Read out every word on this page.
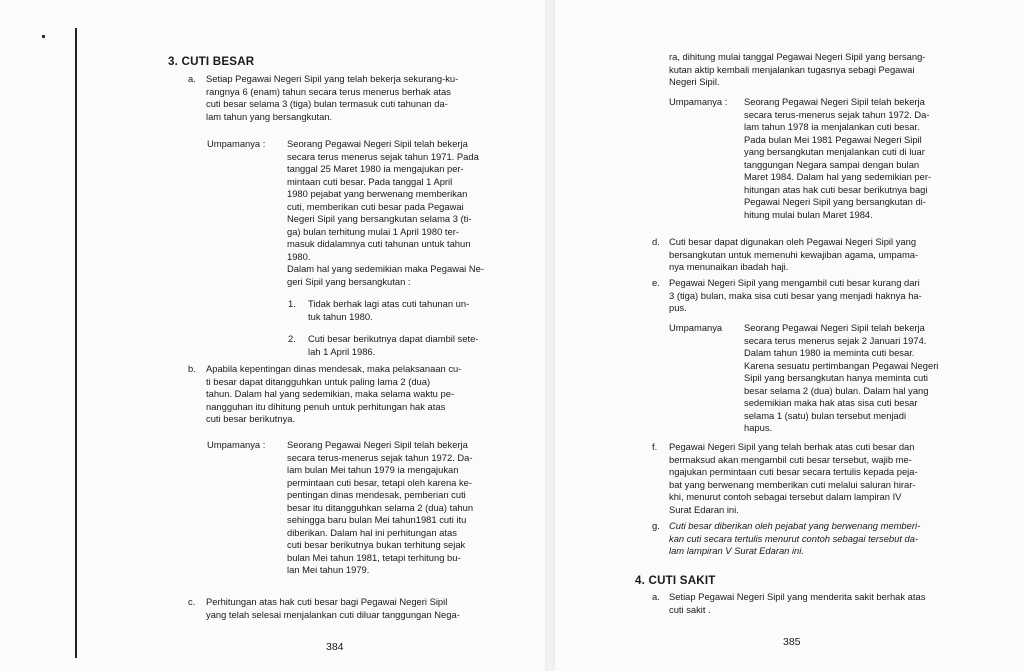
3. CUTI BESAR
a. Setiap Pegawai Negeri Sipil yang telah bekerja sekurang-ku-
rangnya 6 (enam) tahun secara terus menerus berhak atas
cuti besar selama 3 (tiga) bulan termasuk cuti tahunan da-
lam tahun yang bersangkutan.
Umpamanya : Seorang Pegawai Negeri Sipil telah bekerja
secara terus menerus sejak tahun 1971. Pada
tanggal 25 Maret 1980 ia mengajukan per-
mintaan cuti besar. Pada tanggal 1 April
1980 pejabat yang berwenang memberikan
cuti, memberikan cuti besar pada Pegawai
Negeri Sipil yang bersangkutan selama 3 (ti-
ga) bulan terhitung mulai 1 April 1980 ter-
masuk didalamnya cuti tahunan untuk tahun
1980.
Dalam hal yang sedemikian maka Pegawai Ne-
geri Sipil yang bersangkutan :
1. Tidak berhak lagi atas cuti tahunan un-
tuk tahun 1980.
2. Cuti besar berikutnya dapat diambil sete-
lah 1 April 1986.
b. Apabila kepentingan dinas mendesak, maka pelaksanaan cu-
ti besar dapat ditangguhkan untuk paling lama 2 (dua)
tahun. Dalam hal yang sedemikian, maka selama waktu pe-
nangguhan itu dihitung penuh untuk perhitungan hak atas
cuti besar berikutnya.
Umpamanya : Seorang Pegawai Negeri Sipil telah bekerja
secara terus-menerus sejak tahun 1972. Da-
lam bulan Mei tahun 1979 ia mengajukan
permintaan cuti besar, tetapi oleh karena ke-
pentingan dinas mendesak, pemberian cuti
besar itu ditangguhkan selama 2 (dua) tahun
sehingga baru bulan Mei tahun1981 cuti itu
diberikan. Dalam hal ini perhitungan atas
cuti besar berikutnya bukan terhitung sejak
bulan Mei tahun 1981, tetapi terhitung bu-
lan Mei tahun 1979.
c. Perhitungan atas hak cuti besar bagi Pegawai Negeri Sipil
yang telah selesai menjalankan cuti diluar tanggungan Nega-
384
ra, dihitung mulai tanggal Pegawai Negeri Sipil yang bersang-
kutan aktip kembali menjalankan tugasnya sebagi Pegawai
Negeri Sipil.
Umpamanya : Seorang Pegawai Negeri Sipil telah bekerja
secara terus-menerus sejak tahun 1972. Da-
lam tahun 1978 ia menjalankan cuti besar.
Pada bulan Mei 1981 Pegawai Negeri Sipil
yang bersangkutan menjalankan cuti di luar
tanggungan Negara sampai dengan bulan
Maret 1984. Dalam hal yang sedemikian per-
hitungan atas hak cuti besar berikutnya bagi
Pegawai Negeri Sipil yang bersangkutan di-
hitung mulai bulan Maret 1984.
d. Cuti besar dapat digunakan oleh Pegawai Negeri Sipil yang
bersangkutan untuk memenuhi kewajiban agama, umpama-
nya menunaikan ibadah haji.
e. Pegawai Negeri Sipil yang mengambil cuti besar kurang dari
3 (tiga) bulan, maka sisa cuti besar yang menjadi haknya ha-
pus.
Umpamanya Seorang Pegawai Negeri Sipil telah bekerja
secara terus menerus sejak 2 Januari 1974.
Dalam tahun 1980 ia meminta cuti besar.
Karena sesuatu pertimbangan Pegawai Negeri
Sipil yang bersangkutan hanya meminta cuti
besar selama 2 (dua) bulan. Dalam hal yang
sedemikian maka hak atas sisa cuti besar
selama 1 (satu) bulan tersebut menjadi
hapus.
f. Pegawai Negeri Sipil yang telah berhak atas cuti besar dan
bermaksud akan mengambil cuti besar tersebut, wajib me-
ngajukan permintaan cuti besar secara tertulis kepada peja-
bat yang berwenang memberikan cuti melalui saluran hirar-
khi, menurut contoh sebagai tersebut dalam lampiran IV
Surat Edaran ini.
g. Cuti besar diberikan oleh pejabat yang berwenang memberi-
kan cuti secara tertulis menurut contoh sebagai tersebut da-
lam lampiran V Surat Edaran ini.
4. CUTI SAKIT
a. Setiap Pegawai Negeri Sipil yang menderita sakit berhak atas
cuti sakit .
385
